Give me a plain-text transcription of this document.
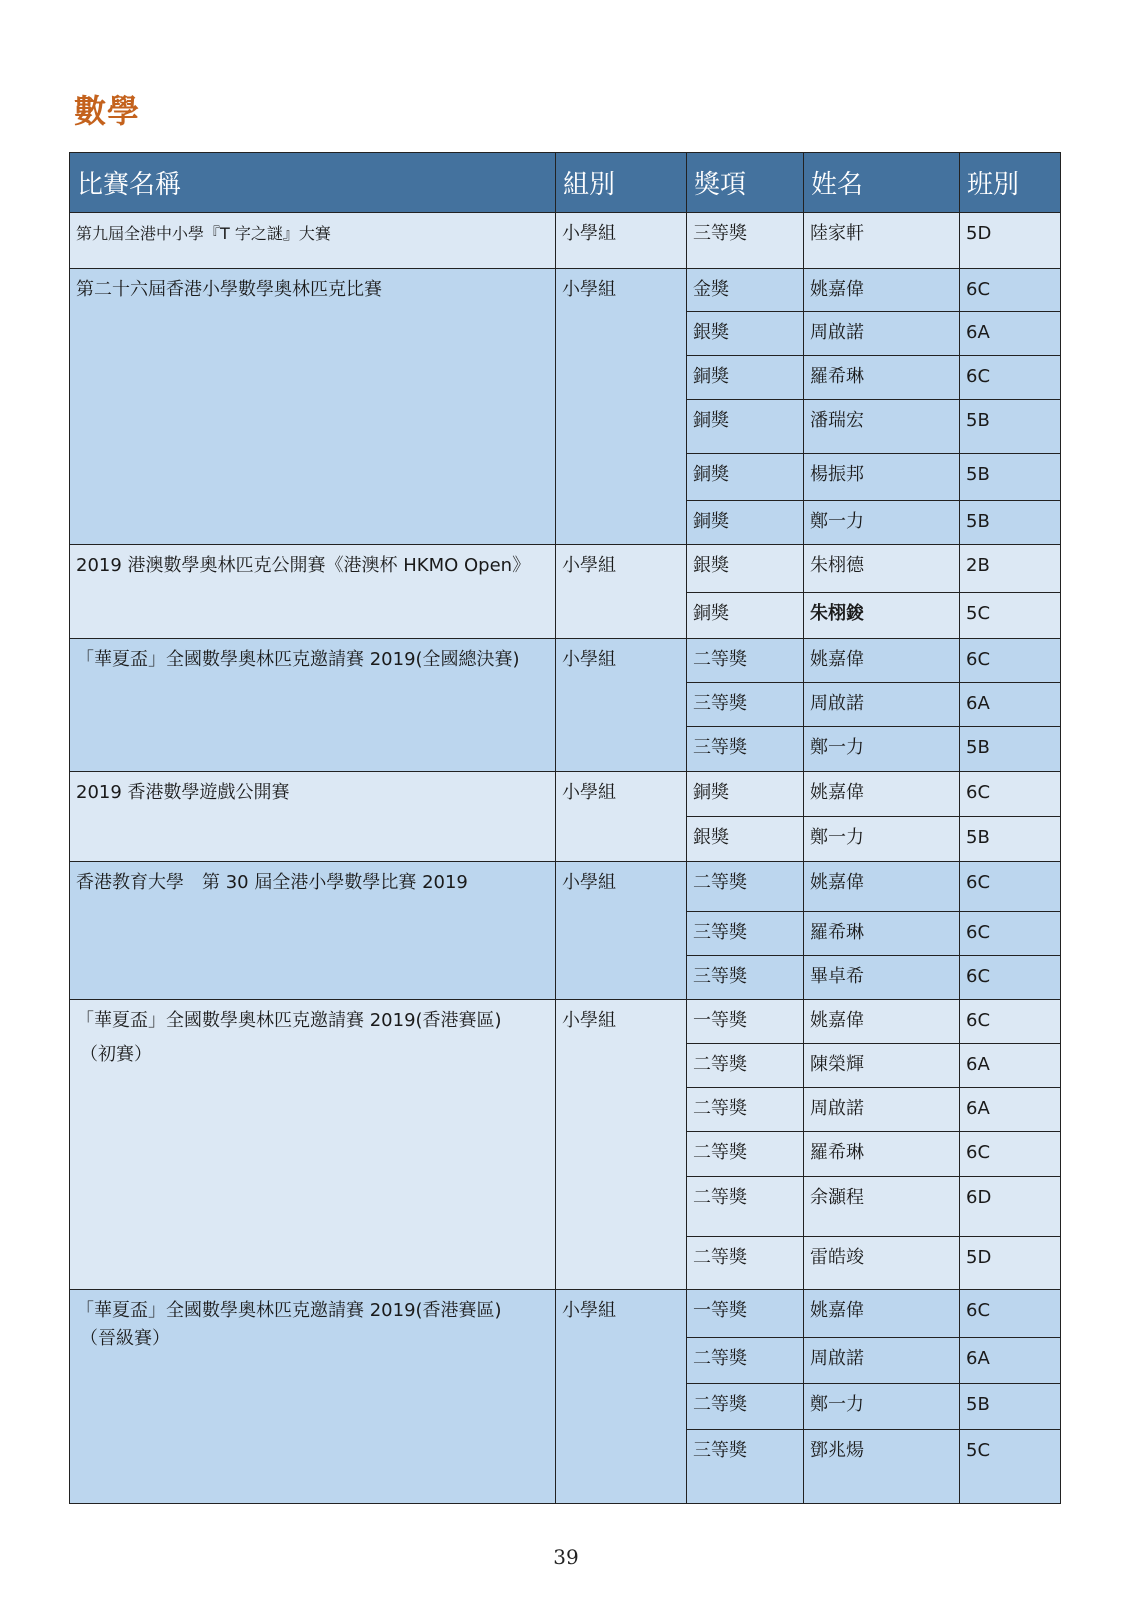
數學
比賽名稱	組別	獎項	姓名	班別
第九屆全港中小學『T 字之謎』大賽	小學組	三等獎	陸家軒	5D
第二十六屆香港小學數學奧林匹克比賽	小學組	金獎	姚嘉偉	6C
		銀獎	周啟諾	6A
		銅獎	羅希琳	6C
		銅獎	潘瑞宏	5B
		銅獎	楊振邦	5B
		銅獎	鄭一力	5B
2019 港澳數學奧林匹克公開賽《港澳杯 HKMO Open》	小學組	銀獎	朱栩德	2B
		銅獎	朱栩鋑	5C
「華夏盃」全國數學奧林匹克邀請賽 2019(全國總決賽)	小學組	二等獎	姚嘉偉	6C
		三等獎	周啟諾	6A
		三等獎	鄭一力	5B
2019 香港數學遊戲公開賽	小學組	銅獎	姚嘉偉	6C
		銀獎	鄭一力	5B
香港教育大學　第 30 屆全港小學數學比賽 2019	小學組	二等獎	姚嘉偉	6C
		三等獎	羅希琳	6C
		三等獎	畢卓希	6C
「華夏盃」全國數學奧林匹克邀請賽 2019(香港賽區)
（初賽）	小學組	一等獎	姚嘉偉	6C
		二等獎	陳榮輝	6A
		二等獎	周啟諾	6A
		二等獎	羅希琳	6C
		二等獎	余灝程	6D
		二等獎	雷皓竣	5D
「華夏盃」全國數學奧林匹克邀請賽 2019(香港賽區)
（晉級賽）	小學組	一等獎	姚嘉偉	6C
		二等獎	周啟諾	6A
		二等獎	鄭一力	5B
		三等獎	鄧兆煬	5C
39
